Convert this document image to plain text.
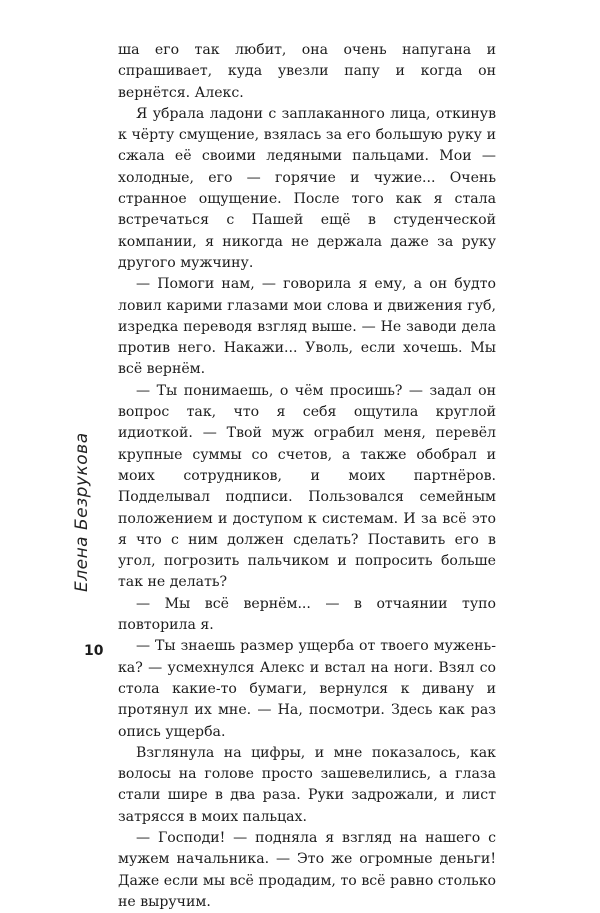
Елена Безрукова
10

ша его так любит, она очень напугана и спрашивает, куда увезли папу и когда он вернётся. Алекс.

Я убрала ладони с заплаканного лица, откинув к чёрту смущение, взялась за его большую руку и сжала её своими ледяными пальцами. Мои — холодные, его — горячие и чужие... Очень странное ощущение. После того как я стала встречаться с Пашей ещё в студенческой компании, я никогда не держала даже за руку другого мужчину.

— Помоги нам, — говорила я ему, а он будто ловил карими глазами мои слова и движения губ, изредка переводя взгляд выше. — Не заводи дела против него. Накажи... Уволь, если хочешь. Мы всё вернём.

— Ты понимаешь, о чём просишь? — задал он вопрос так, что я себя ощутила круглой идиоткой. — Твой муж ограбил меня, перевёл крупные суммы со счетов, а также обобрал и моих сотрудников, и моих партнёров. Подделывал подписи. Пользовался семейным положением и доступом к системам. И за всё это я что с ним должен сделать? Поставить его в угол, погрозить пальчиком и попросить больше так не делать?

— Мы всё вернём... — в отчаянии тупо повторила я.

— Ты знаешь размер ущерба от твоего муженька? — усмехнулся Алекс и встал на ноги. Взял со стола какие-то бумаги, вернулся к дивану и протянул их мне. — На, посмотри. Здесь как раз опись ущерба.

Взглянула на цифры, и мне показалось, как волосы на голове просто зашевелились, а глаза стали шире в два раза. Руки задрожали, и лист затрясся в моих пальцах.

— Господи! — подняла я взгляд на нашего с мужем начальника. — Это же огромные деньги! Даже если мы всё продадим, то всё равно столько не выручим.
